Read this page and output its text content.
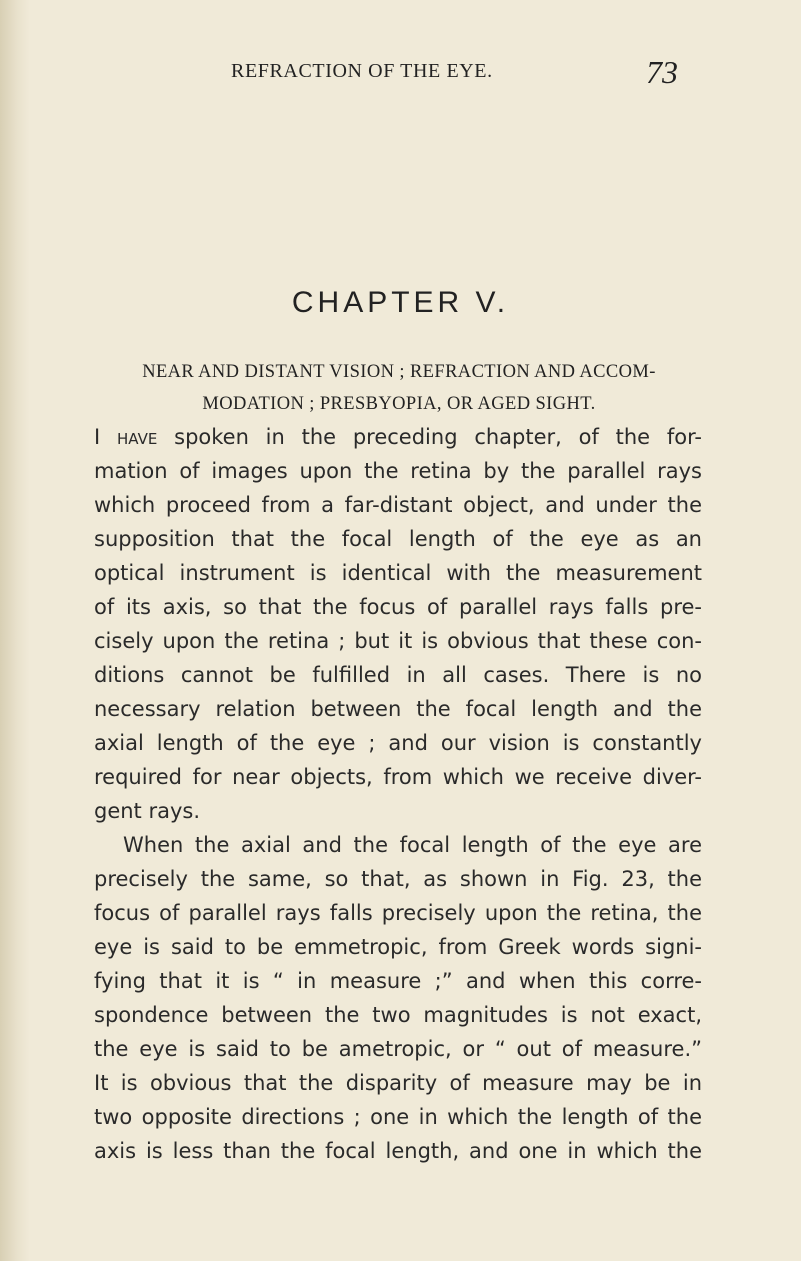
REFRACTION OF THE EYE.	73
CHAPTER V.
NEAR AND DISTANT VISION ; REFRACTION AND ACCOM-
MODATION ; PRESBYOPIA, OR AGED SIGHT.

I have spoken in the preceding chapter, of the for-
mation of images upon the retina by the parallel rays
which proceed from a far-distant object, and under the
supposition that the focal length of the eye as an
optical instrument is identical with the measurement
of its axis, so that the focus of parallel rays falls pre-
cisely upon the retina ; but it is obvious that these con-
ditions cannot be fulfilled in all cases. There is no
necessary relation between the focal length and the
axial length of the eye ; and our vision is constantly
required for near objects, from which we receive diver-
gent rays.

When the axial and the focal length of the eye are
precisely the same, so that, as shown in Fig. 23, the
focus of parallel rays falls precisely upon the retina, the
eye is said to be emmetropic, from Greek words signi-
fying that it is “ in measure ;” and when this corre-
spondence between the two magnitudes is not exact,
the eye is said to be ametropic, or “ out of measure.”
It is obvious that the disparity of measure may be in
two opposite directions ; one in which the length of the
axis is less than the focal length, and one in which the
